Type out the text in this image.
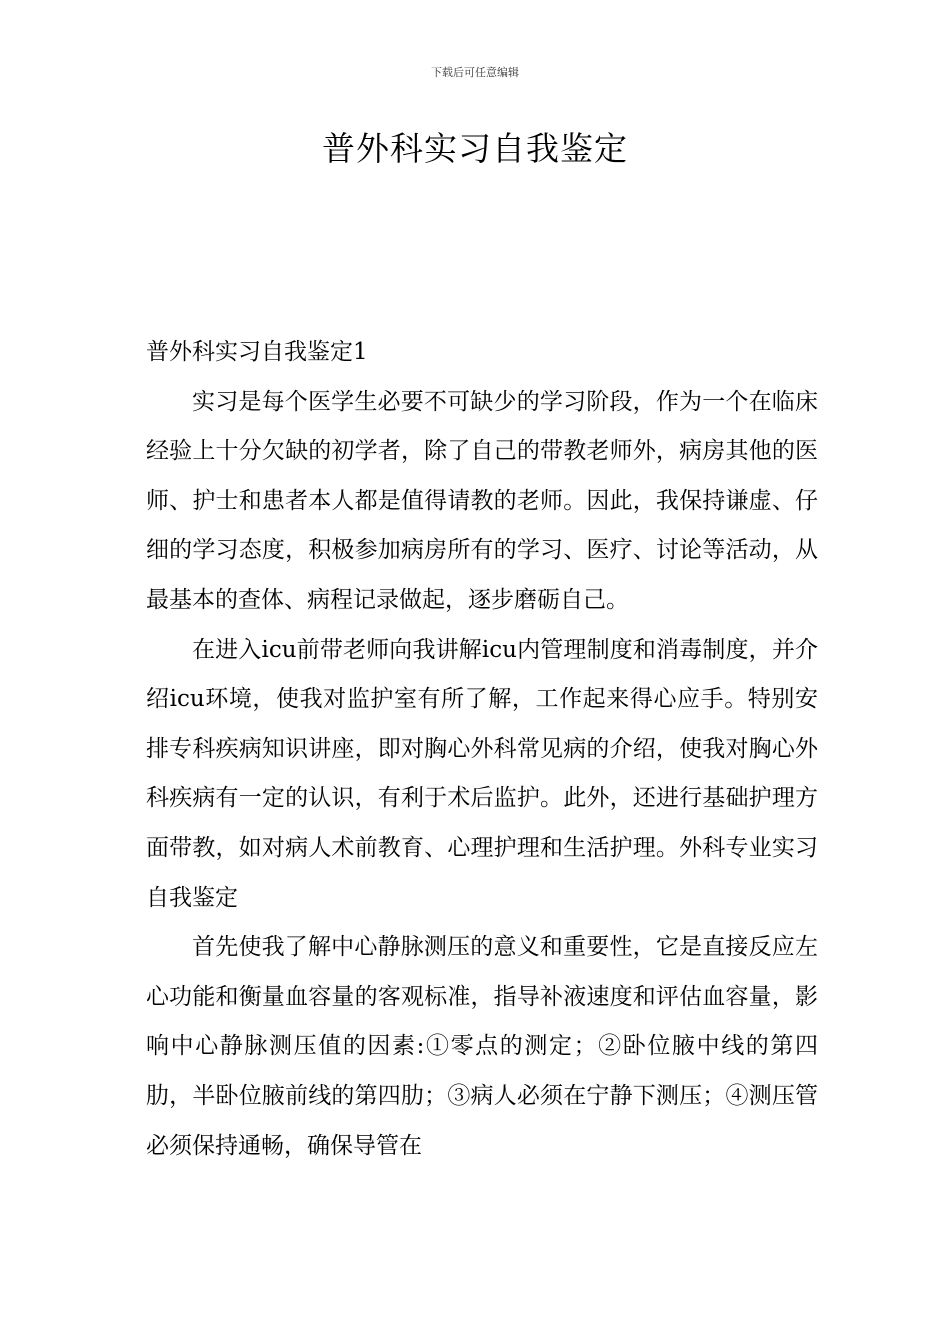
下载后可任意编辑
普外科实习自我鉴定

普外科实习自我鉴定1

实习是每个医学生必要不可缺少的学习阶段，作为一个在临床经验上十分欠缺的初学者，除了自己的带教老师外，病房其他的医师、护士和患者本人都是值得请教的老师。因此，我保持谦虚、仔细的学习态度，积极参加病房所有的学习、医疗、讨论等活动，从最基本的查体、病程记录做起，逐步磨砺自己。

在进入icu前带老师向我讲解icu内管理制度和消毒制度，并介绍icu环境，使我对监护室有所了解，工作起来得心应手。特别安排专科疾病知识讲座，即对胸心外科常见病的介绍，使我对胸心外科疾病有一定的认识，有利于术后监护。此外，还进行基础护理方面带教，如对病人术前教育、心理护理和生活护理。外科专业实习自我鉴定

首先使我了解中心静脉测压的意义和重要性，它是直接反应左心功能和衡量血容量的客观标准，指导补液速度和评估血容量，影响中心静脉测压值的因素:①零点的测定；②卧位腋中线的第四肋，半卧位腋前线的第四肋；③病人必须在宁静下测压；④测压管必须保持通畅，确保导管在
